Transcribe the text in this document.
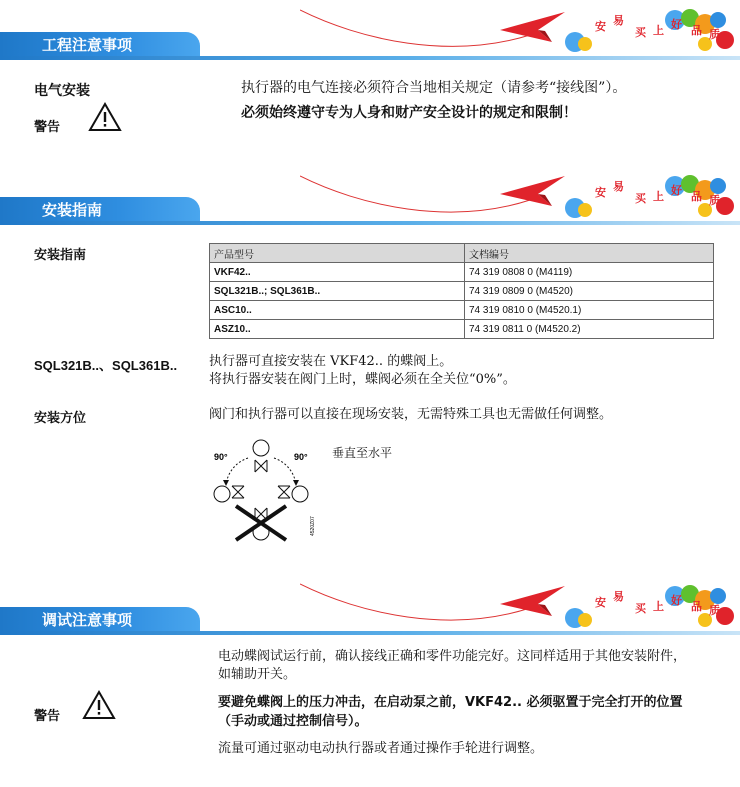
工程注意事项
安 易
买 上 好 品 质
电气安装
警告
执行器的电气连接必须符合当地相关规定（请参考“接线图”）。
必须始终遵守专为人身和财产安全设计的规定和限制！
安装指南
安 易
买 上 好 品 质
安装指南	产品型号	文档编号
VKF42..	74 319 0808 0 (M4119)
SQL321B..; SQL361B..	74 319 0809 0 (M4520)
ASC10..	74 319 0810 0 (M4520.1)
ASZ10..	74 319 0811 0 (M4520.2)
SQL321B..、SQL361B.. 执行器可直接安装在 VKF42.. 的蝶阀上。
将执行器安装在阀门上时，蝶阀必须在全关位“0%”。
安装方位	阀门和执行器可以直接在现场安装，无需特殊工具也无需做任何调整。
90°	90°
4520Z07
垂直至水平
调试注意事项
安 易
买 上 好 品 质
电动蝶阀试运行前，确认接线正确和零件功能完好。这同样适用于其他安装附件，
如辅助开关。
警告
要避免蝶阀上的压力冲击，在启动泵之前，VKF42.. 必须驱置于完全打开的位置
（手动或通过控制信号）。
流量可通过驱动电动执行器或者通过操作手轮进行调整。
